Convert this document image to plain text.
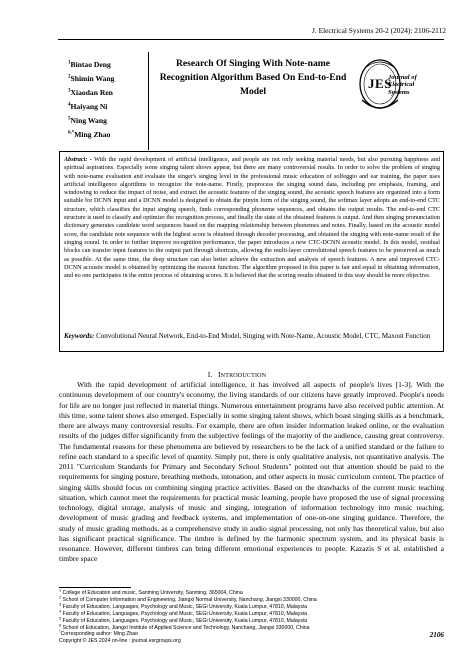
J. Electrical Systems 20-2 (2024): 2106-2112
$^1$Bintao Deng
$^2$Shimin Wang
$^3$Xiaodan Ren
$^4$Haiyang Ni
$^5$Ning Wang
$^{6,*}$Ming Zhao
Research Of Singing With Note-name Recognition Algorithm Based On End-to-End Model
JES
Journal of
Electrical
Systems
Abstract: - With the rapid development of artificial intelligence, and people are not only seeking material needs, but also pursuing happiness and spiritual aspirations. Especially some singing talent shows appear, but there are many controversial results. In order to solve the problem of singing with note-name evaluation and evaluate the singer's singing level in the professional music education of solfeggio and ear training, the paper uses artificial intelligence algorithms to recognize the note-name. Firstly, preprocess the singing sound data, including pre emphasis, framing, and windowing to reduce the impact of noise, and extract the acoustic features of the singing sound, the acoustic speech features are organized into a form suitable for DCNN input and a DCNN model is designed to obtain the pinyin form of the singing sound, the softmax layer adopts an end-to-end CTC structure, which classifies the input singing speech, finds corresponding phoneme sequences, and obtains the output results. The end-to-end CTC structure is used to classify and optimize the recognition process, and finally the state of the obtained features is output. And then singing pronunciation dictionary generates candidate word sequences based on the mapping relationship between phonemes and notes. Finally, based on the acoustic model score, the candidate note sequence with the highest score is obtained through decoder processing, and obtained the singing with note-name result of the singing sound. In order to further improve recognition performance, the paper introduces a new CTC-DCNN acoustic model. In this model, residual blocks can transfer input features to the output part through shortcuts, allowing the multi-layer convolutional speech features to be preserved as much as possible. At the same time, the deep structure can also better achieve the extraction and analysis of speech features. A new and improved CTC-DCNN acoustic model is obtained by optimizing the maxout function. The algorithm proposed in this paper is fair and equal in obtaining information, and no one participates in the entire process of obtaining scores. It is believed that the scoring results obtained in this way should be more objective.
Keywords: Convolutional Neural Network, End-to-End Model, Singing with Note-Name, Acoustic Model, CTC, Maxout Function
I. INTRODUCTION

With the rapid development of artificial intelligence, it has involved all aspects of people's lives [1-3]. With the continuous development of our country's economy, the living standards of our citizens have greatly improved. People's needs for life are no longer just reflected in material things. Numerous entertainment programs have also received public attention. At this time, some talent shows also emerged. Especially in some singing talent shows, which boast singing skills as a benchmark, there are always many controversial results. For example, there are often insider information leaked online, or the evaluation results of the judges differ significantly from the subjective feelings of the majority of the audience, causing great controversy. The fundamental reasons for these phenomena are believed by researchers to be the lack of a unified standard or the failure to refine each standard to a specific level of quantity. Simply put, there is only qualitative analysis, not quantitative analysis. The 2011 "Curriculum Standards for Primary and Secondary School Students" pointed out that attention should be paid to the requirements for singing posture, breathing methods, intonation, and other aspects in music curriculum content. The practice of singing skills should focus on combining singing practice activities. Based on the drawbacks of the current music teaching situation, which cannot meet the requirements for practical music learning, people have proposed the use of signal processing technology, digital storage, analysis of music and singing, integration of information technology into music teaching, development of music grading and feedback systems, and implementation of one-on-one singing guidance. Therefore, the study of music grading methods, as a comprehensive study in audio signal processing, not only has theoretical value, but also has significant practical significance. The timbre is defined by the harmonic spectrum system, and its physical basis is resonance. However, different timbres can bring different emotional experiences to people. Kazazis S et al. established a timbre space

$^1$ College of Education and music, Sanming University, Sanming, 365004, China
$^2$ School of Computer Information and Engineering, Jiangxi Normal University, Nanchang, Jiangxi 330000, China
$^3$ Faculty of Education, Languages, Psychology and Music, SEGi University, Kuala Lumpur, 47810, Malaysia
$^4$ Faculty of Education, Languages, Psychology and Music, SEGi University, Kuala Lumpur, 47810, Malaysia
$^5$ Faculty of Education, Languages, Psychology and Music, SEGi University, Kuala Lumpur, 47810, Malaysia
$^6$ School of Education, Jiangxi Institute of Applied Science and Technology, Nanchang, Jiangxi 330000, China
*Corresponding author: Ming Zhao
Copyright © JES 2024 on-line : journal.esrgroups.org
2106
